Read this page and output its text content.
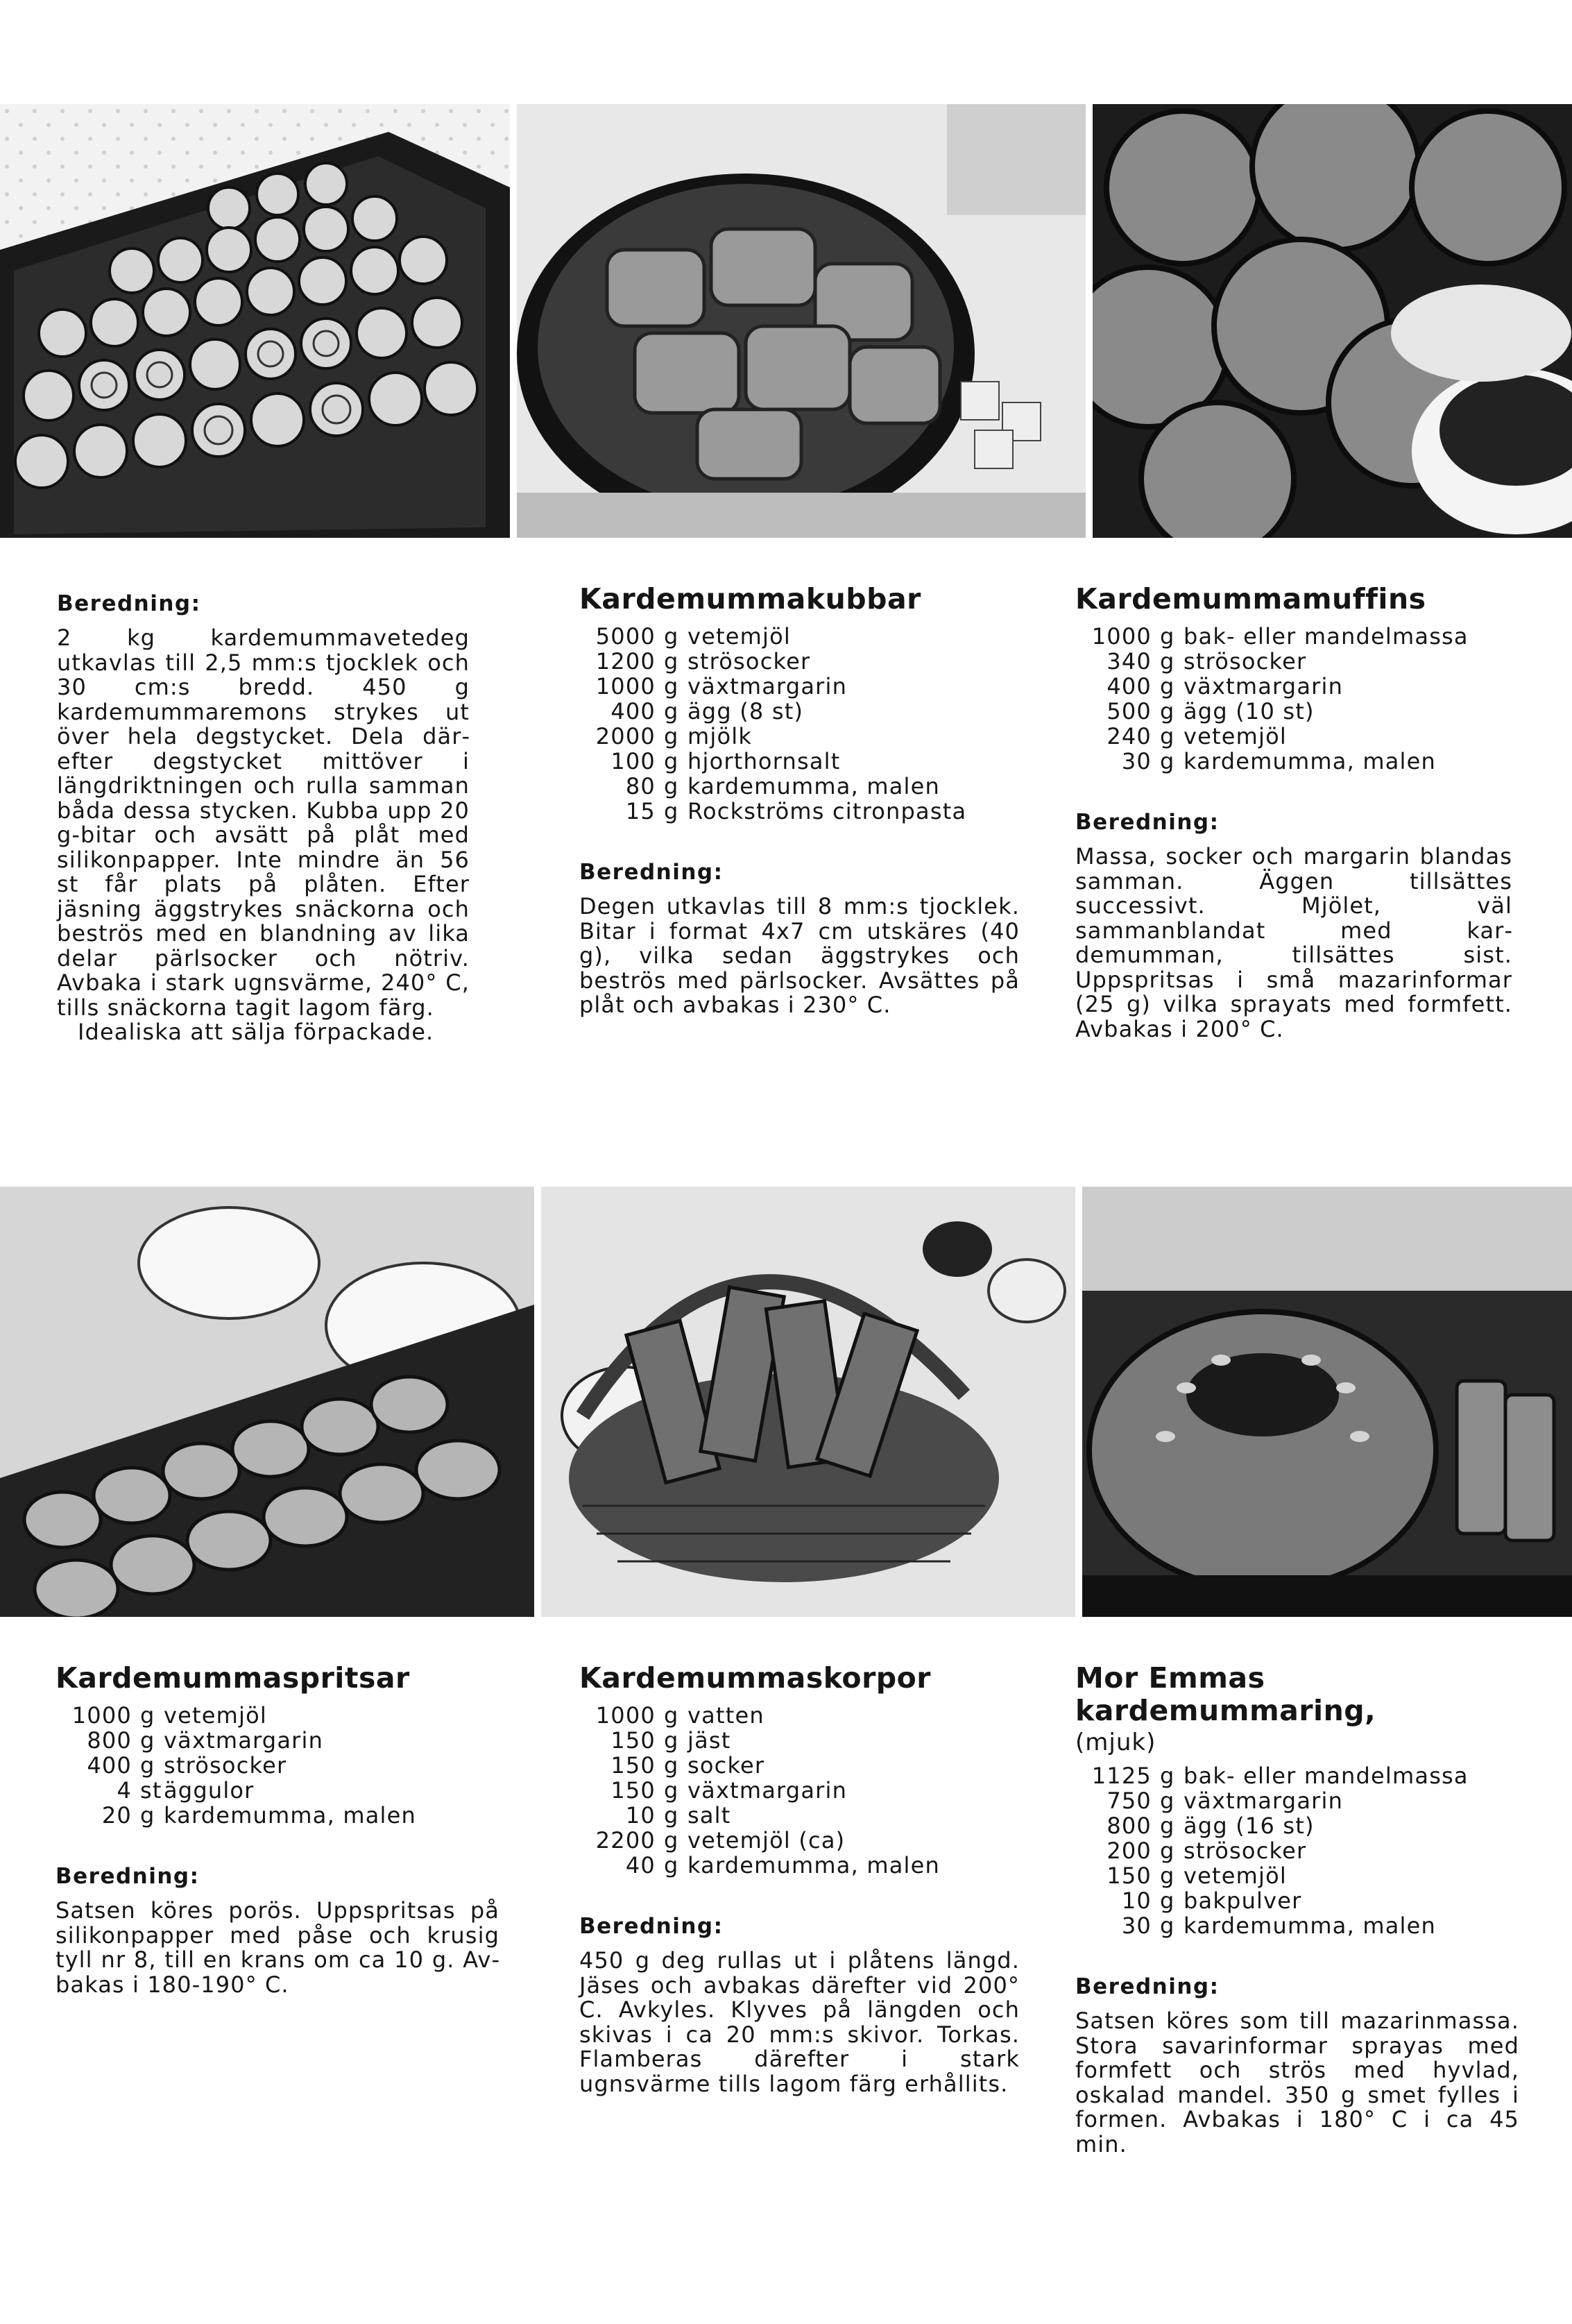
Beredning:

2 kg kardemummavetedeg utkavlas till 2,5 mm:s tjocklek och 30 cm:s bredd. 450 g kardemummaremons strykes ut över hela degstycket. Dela därefter degstycket mittöver i längdriktningen och rulla samman båda dessa stycken. Kubba upp 20 g-bitar och avsätt på plåt med silikonpapper. Inte mindre än 56 st får plats på plåten. Efter jäsning äggstrykes snäckorna och beströs med en blandning av lika delar pärlsocker och nötriv. Avbaka i stark ugnsvärme, 240° C, tills snäckorna tagit lagom färg.

Idealiska att sälja förpackade.

Kardemummakubbar
5000 g vetemjöl
1200 g strösocker
1000 g växtmargarin
400 g ägg (8 st)
2000 g mjölk
100 g hjorthornsalt
80 g kardemumma, malen
15 g Rockströms citronpasta
Beredning:

Degen utkavlas till 8 mm:s tjocklek. Bitar i format 4x7 cm utskäres (40 g), vilka sedan äggstrykes och beströs med pärlsocker. Avsättes på plåt och avbakas i 230° C.

Kardemummamuffins
1000 g bak- eller mandelmassa
340 g strösocker
400 g växtmargarin
500 g ägg (10 st)
240 g vetemjöl
30 g kardemumma, malen
Beredning:

Massa, socker och margarin blandas samman. Äggen tillsättes successivt. Mjölet, väl sammanblandat med kardemumman, tillsättes sist. Uppspritsas i små mazarinformar (25 g) vilka sprayats med formfett. Avbakas i 200° C.

Kardemummaspritsar
1000 g vetemjöl
800 g växtmargarin
400 g strösocker
4 st äggulor
20 g kardemumma, malen
Beredning:

Satsen köres porös. Uppspritsas på silikonpapper med påse och krusig tyll nr 8, till en krans om ca 10 g. Avbakas i 180-190° C.

Kardemummaskorpor
1000 g vatten
150 g jäst
150 g socker
150 g växtmargarin
10 g salt
2200 g vetemjöl (ca)
40 g kardemumma, malen
Beredning:

450 g deg rullas ut i plåtens längd. Jäses och avbakas därefter vid 200° C. Avkyles. Klyves på längden och skivas i ca 20 mm:s skivor. Torkas. Flamberas därefter i stark ugnsvärme tills lagom färg erhållits.

Mor Emmas kardemummaring,
(mjuk)
1125 g bak- eller mandelmassa
750 g växtmargarin
800 g ägg (16 st)
200 g strösocker
150 g vetemjöl
10 g bakpulver
30 g kardemumma, malen
Beredning:

Satsen köres som till mazarinmassa. Stora savarinformar sprayas med formfett och strös med hyvlad, oskalad mandel. 350 g smet fylles i formen. Avbakas i 180° C i ca 45 min.
